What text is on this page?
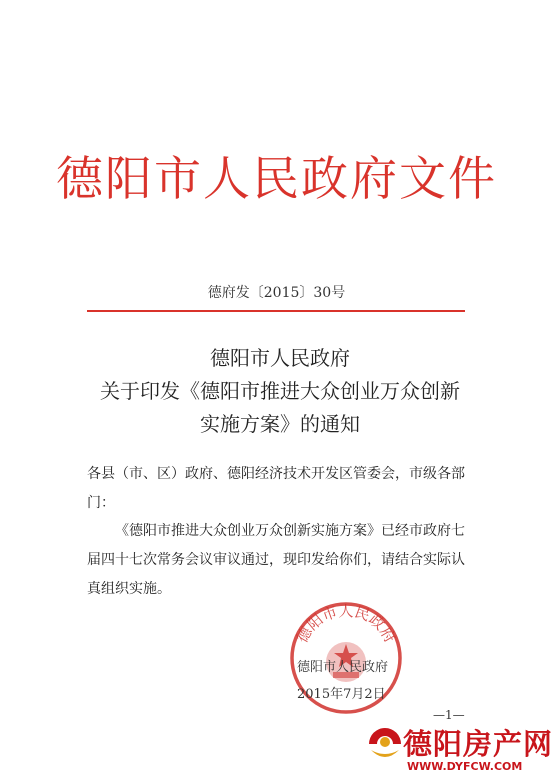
德阳市人民政府文件
德府发〔2015〕30号
德阳市人民政府
关于印发《德阳市推进大众创业万众创新
实施方案》的通知
各县（市、区）政府、德阳经济技术开发区管委会，市级各部门：
《德阳市推进大众创业万众创新实施方案》已经市政府七届四十七次常务会议审议通过，现印发给你们，请结合实际认真组织实施。
德阳市人民政府
德阳市人民政府
2015年7月2日
—1—
德阳房产网
WWW.DYFCW.COM
